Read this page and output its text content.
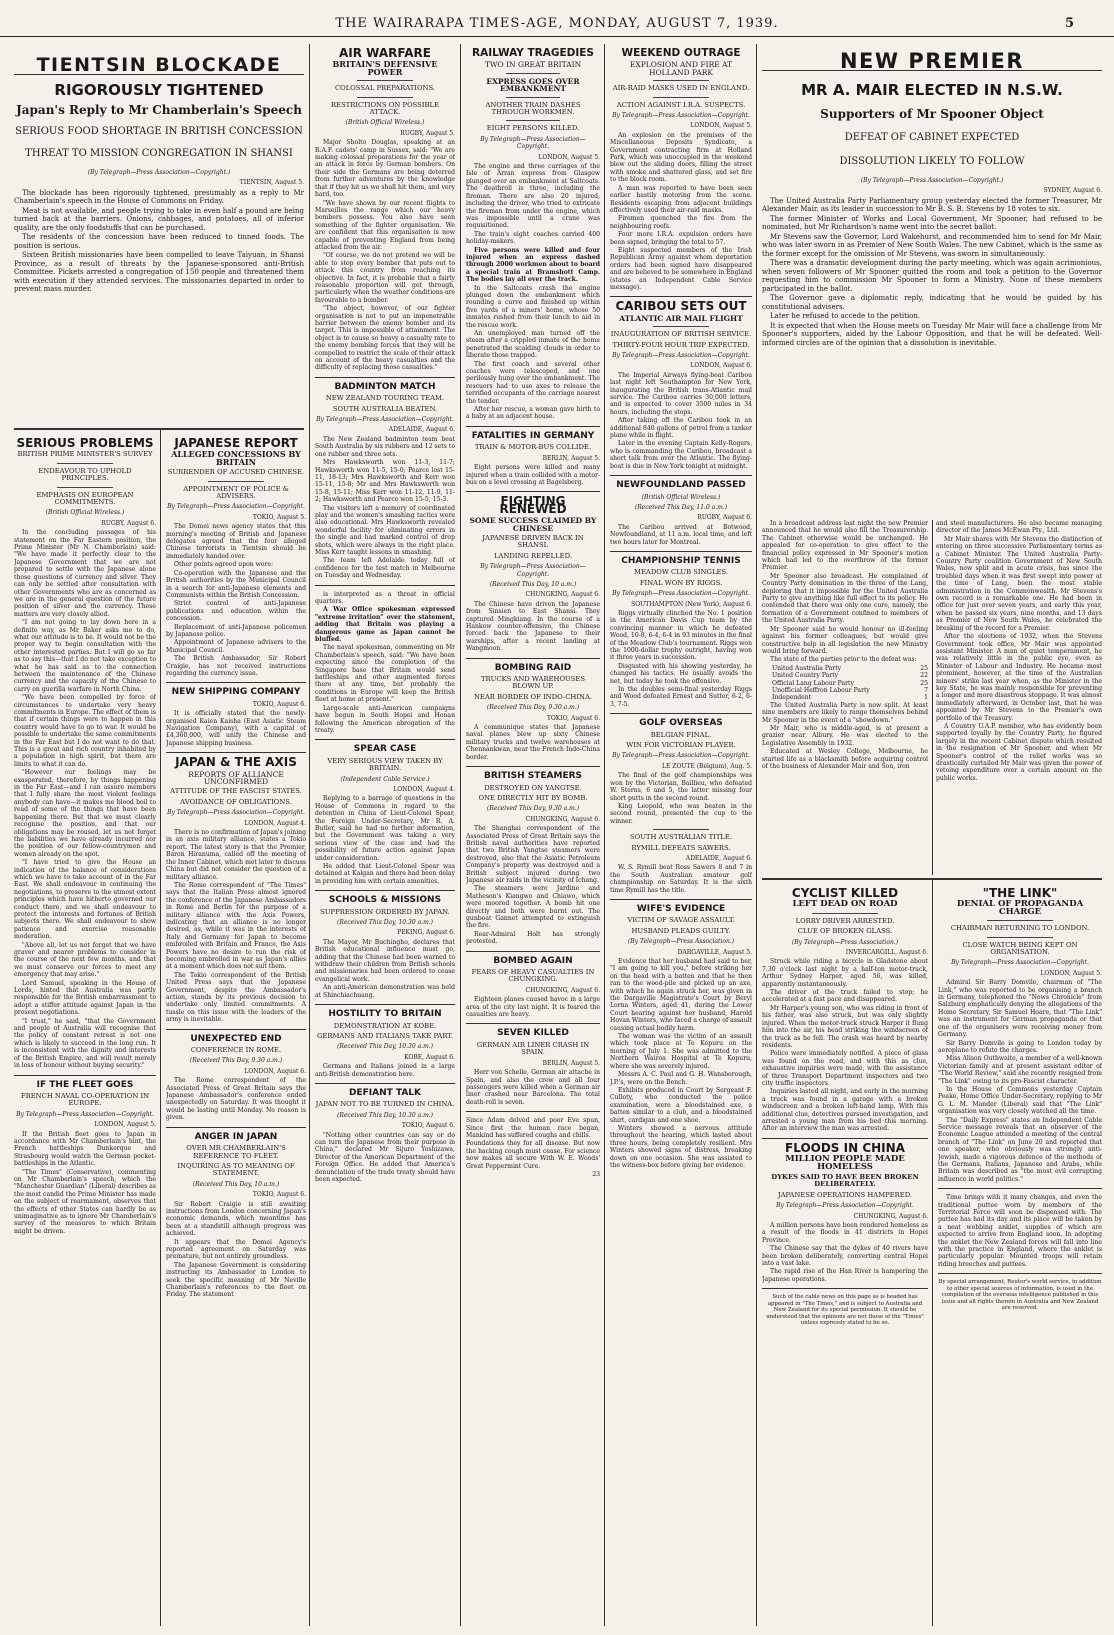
THE WAIRARAPA TIMES-AGE, MONDAY, AUGUST 7, 1939.	5
TIENTSIN BLOCKADE
RIGOROUSLY TIGHTENED
Japan's Reply to Mr Chamberlain's Speech
SERIOUS FOOD SHORTAGE IN BRITISH CONCESSION
THREAT TO MISSION CONGREGATION IN SHANSI
(By Telegraph—Press Association—Copyright.)
TIENTSIN, August 5.

The blockade has been rigorously tightened, presumably as a reply to Mr Chamberlain's speech in the House of Commons on Friday.

Meat is not available, and people trying to take in even half a pound are being turned back at the barriers. Onions, cabbages, and potatoes, all of inferior quality, are the only foodstuffs that can be purchased.

The residents of the concession have been reduced to tinned foods. The position is serious.

Sixteen British missionaries have been compelled to leave Taiyuan, in Shansi Province, as a result of threats by the Japanese-sponsored anti-British Committee. Pickets arrested a congregation of 150 people and threatened them with execution if they attended services. The missionaries departed in order to prevent mass murder.

SERIOUS PROBLEMS
BRITISH PRIME MINISTER'S SURVEY
ENDEAVOUR TO UPHOLD PRINCIPLES.
EMPHASIS ON EUROPEAN COMMITMENTS.
(British Official Wireless.)
RUGBY, August 6.

In the concluding passages of his statement on the Far Eastern position, the Prime Minister (Mr N. Chamberlain) said: "We have made it perfectly clear to the Japanese Government that we are not prepared to settle with the Japanese alone those questions of currency and silver. They can only be settled after consultation with other Governments who are as concerned as we are in the general question of the future position of silver and the currency. These matters are very closely allied.

"I am not going to lay down here in a definite way, as Mr Baker asks me to do, what our attitude is to be. It would not be the proper way to begin consultation with the other interested parties. But I will go so far as to say this—that I do not take exception to what he has said as to the connection between the maintenance of the Chinese currency and the capacity of the Chinese to carry on guerilla warfare in North China.

"We have been compelled by force of circumstances to undertake very heavy commitments in Europe. The effect of them is that if certain things were to happen in this country would have to go to war. It would be possible to undertake the same commitments in the Far East but I do not want to do that. This is a great and rich country inhabited by a population in high spirit, but there are limits to what it can do.

"However our feelings may be exasperated, therefore, by things happening in the Far East—and I can assure members that I fully share the most violent feelings anybody can have—it makes me blood boil to read of some of the things that have been happening there. But that we must clearly recognise the position, and that our obligations may be roused, let us not forget the liabilities we have already incurred nor the position of our fellow-countrymen and women already on the spot.

"I have tried to give the House an indication of the balance of considerations which we have to take account of in the Far East. We shall endeavour in continuing the negotiations, to preserve to the utmost extent principles which have hitherto governed our conduct there, and we shall endeavour to protect the interests and fortunes of British subjects there. We shall endeavour to show patience and exercise reasonable moderation.

"Above all, let us not forget that we have graver and nearer problems to consider in the course of the next few months, and that we must conserve our forces to meet any emergency that may arise."

Lord Samuel, speaking in the House of Lords, hinted that Australia was partly responsible for the British embarrassment to adopt a stiffer attitude against Japan in the present negotiations.

"I trust," he said, "that the Government and people of Australia will recognise that the policy of constant retreat is not one which is likely to succeed in the long run. It is inconsistent with the dignity and interests of the British Empire, and will result merely in loss of honour without buying security."

IF THE FLEET GOES
FRENCH NAVAL CO-OPERATION IN EUROPE.
By Telegraph—Press Association—Copyright.
LONDON, August 5.

If the British fleet goes to Japan in accordance with Mr Chamberlain's hint, the French battleships Dunkerque and Strasbourg would watch the German pocket-battleships in the Atlantic.

"The Times" (Conservative), commenting on Mr Chamberlain's speech, which the "Manchester Guardian" (Liberal) describes as the most candid the Prime Minister has made on the subject of rearmament, observes that the effects of other States can hardly be as unimaginative as to ignore Mr Chamberlain's survey of the measures to which Britain might be driven.

JAPANESE REPORT
ALLEGED CONCESSIONS BY BRITAIN
SURRENDER OF ACCUSED CHINESE.
APPOINTMENT OF POLICE & ADVISERS.
By Telegraph—Press Association—Copyright.
TOKIO, August 5.

The Domei news agency states that this morning's meeting of British and Japanese delegates agreed that the four alleged Chinese terrorists in Tientsin should be immediately handed over.

Other points agreed upon were:

Co-operation with the Japanese and the British authorities by the Municipal Council in a search for anti-Japanese elements and Communists within the British Concession.

Strict control of anti-Japanese publications and education within the concession.

Replacement of anti-Japanese policemen by Japanese police.

Appointment of Japanese advisers to the Municipal Council.

The British Ambassador, Sir Robert Craigie, has not received instructions regarding the currency issue.

NEW SHIPPING COMPANY
TOKIO, August 6.

It is officially stated that the newly-organised Kaien Kaisha (East Asiatic Steam Navigation Company), with a capital of £4,360,000, will unify the Chinese and Japanese shipping business.

JAPAN & THE AXIS
REPORTS OF ALLIANCE UNCONFIRMED
ATTITUDE OF THE FASCIST STATES.
AVOIDANCE OF OBLIGATIONS.
By Telegraph—Press Association—Copyright.
LONDON, August 4.

There is no confirmation of Japan's joining in an axis military alliance, states a Tokio report. The latest story is that the Premier, Baron Hiranuma, called off the meeting of the Inner Cabinet, which met later to discuss China but did not consider the question of a military alliance.

The Rome correspondent of "The Times" says that the Italian Press almost ignored the conference of the Japanese Ambassadors in Rome and Berlin for the purpose of a military alliance with the Axis Powers, indicating that an alliance is no longer desired, as, while it was in the interests of Italy and Germany for Japan to become embroiled with Britain and France, the Axis Powers have no desire to run the risk of becoming embroiled in war as Japan's allies at a moment which does not suit them.

The Tokio correspondent of the British United Press says that the Japanese Government, despite the Ambassador's action, stands by its previous decision to undertake only limited commitments. A tussle on this issue with the leaders of the army is inevitable.

UNEXPECTED END
CONFERENCE IN ROME.
(Received This Day, 9.30 a.m.)
LONDON, August 6.

The Rome correspondent of the Associated Press of Great Britain says the Japanese Ambassador's conference ended unexpectedly on Saturday. It was thought it would be lasting until Monday. No reason is given.

ANGER IN JAPAN
OVER MR CHAMBERLAIN'S REFERENCE TO FLEET.
INQUIRING AS TO MEANING OF STATEMENT.
(Received This Day, 10 a.m.)
TOKIO, August 6.

Sir Robert Craigie is still awaiting instructions from London concerning Japan's economic demands, which meantime has been at a standstill although progress was achieved.

It appears that the Domei Agency's reported agreement on Saturday was premature, but not entirely groundless.

The Japanese Government is considering instructing its Ambassador in London to seek the specific meaning of Mr Neville Chamberlain's references to the fleet on Friday. The statement

AIR WARFARE
BRITAIN'S DEFENSIVE POWER
COLOSSAL PREPARATIONS.
RESTRICTIONS ON POSSIBLE ATTACK.
(British Official Wireless.)
RUGBY, August 5.

Major Sholto Douglas, speaking at an R.A.F. cadets' camp in Sussex, said: "We are making colossal preparations for the year of an attack in force by German bombers. On their side the Germans are being deterred from further adventures by the knowledge that if they hit us we shall hit them, and very hard, too.

"We have shown by our recent flights to Marseilles the range which our heavy bombers possess. You also have seen something of the fighter organisation. We are confident that this organisation is now capable of preventing England from being attacked from the air.

"Of course, we do not pretend we will be able to stop every bomber that puts out to attack this country from reaching its objective. In fact, it is probable that a fairly reasonable proportion will get through, particularly when the weather conditions are favourable to a bomber.

"The object, however, of our fighter organisation is not to put an impenetrable barrier between the enemy bomber and its target. This is impossible of attainment. The object is to cause so heavy a casualty rate to the enemy bombing forces that they will be compelled to restrict the scale of their attack on account of the heavy casualties and the difficulty of replacing those casualties."

BADMINTON MATCH
NEW ZEALAND TOURING TEAM.
SOUTH AUSTRALIA BEATEN.
By Telegraph—Press Association—Copyright.
ADELAIDE, August 6.

The New Zealand badminton team beat South Australia by six rubbers and 12 sets to one rubber and three sets.

Mrs Hawksworth won 11-3, 11-7; Hawksworth won 11-5, 15-0; Pearce lost 15-11, 18-13; Mrs Hawksworth and Kerr won 15-11, 15-8; Mr and Mrs Hawksworth won 15-8, 15-11; Miss Kerr won 11-12, 11-9, 11-2; Hawksworth and Pearce won 15-5, 15-3.

The visitors left a memory of coordinated play and the women's smashing tactics were also educational. Mrs Hawksworth revealed wonderful facility for eliminating errors in the single and had marked control of drop shots, which were always in the right place. Miss Kerr taught lessons in smashing.

The team left Adelaide today full of confidence for the test match in Melbourne on Tuesday and Wednesday.

is interpreted as a threat in official quarters.

A War Office spokesman expressed "extreme irritation" over the statement, adding that Britain was playing a dangerous game as Japan cannot be bluffed.

The naval spokesman, commenting on Mr Chamberlain's speech, said: "We have been expecting since the completion of the Singapore base that Britain would send battleships and other augmented forces there at any time, but probably the conditions in Europe will keep the British fleet at home at present."

Large-scale anti-American campaigns have begun in South Hopei and Honan following the American abrogation of the treaty.

SPEAR CASE
VERY SERIOUS VIEW TAKEN BY BRITAIN.
(Independent Cable Service.)
LONDON, August 4.

Replying to a barrage of questions in the House of Commons in regard to the detention in China of Lieut-Colonel Spear, the Foreign Under-Secretary, Mr R. A. Butler, said he had no further information, but the Government was taking a very serious view of the case and had the possibility of future action against Japan under consideration.

He added that Lieut-Colonel Spear was detained at Kalgan and there had been delay in providing him with certain amenities.

SCHOOLS & MISSIONS
SUPPRESSION ORDERED BY JAPAN.
(Received This Day, 10.30 a.m.)
PEKING, August 6.

The Mayor, Mr Buchingho, declares that British educational influence must go, adding that the Chinese had been warned to withdraw their children from British schools and missionaries had been ordered to cease evangelical work.

An anti-American demonstration was held at Shinchiachuang.

HOSTILITY TO BRITAIN
DEMONSTRATION AT KOBE.
GERMANS AND ITALIANS TAKE PART.
(Received This Day, 10.30 a.m.)
KOBE, August 6.

Germans and Italians joined in a large anti-British demonstration here.

DEFIANT TALK
JAPAN NOT TO BE TURNED IN CHINA.
(Received This Day, 10.30 a.m.)
TOKIO, August 6.

"Nothing other countries can say or do can turn the Japanese from their purpose in China," declared Mr Sijuro Yoshizawa, Director of the American Department of the Foreign Office. He added that America's denunciation of the trade treaty should have been expected.

RAILWAY TRAGEDIES
TWO IN GREAT BRITAIN
EXPRESS GOES OVER EMBANKMENT
ANOTHER TRAIN DASHES THROUGH WORKMEN.
EIGHT PERSONS KILLED.
By Telegraph—Press Association—Copyright.
LONDON, August 5.

The engine and three carriages of the Isle of Arran express from Glasgow plunged over an embankment at Saltcoats. The deathroll is three, including the fireman. There are also 20 injured, including the driver, who tried to extricate the fireman from under the engine, which was impossible until a crane was requisitioned.

The train's eight coaches carried 400 holiday-makers.

Five persons were killed and four injured when an express dashed through 2000 workmen about to board a special train at Bramshott Camp. The bodies lay all over the track.

In the Saltcoats crash the engine plunged down the embankment which rounding a curve and finished up within five yards of a miners' home, whose 50 inmates rushed from their lunch to aid in the rescue work.

An unemployed man turned off the steam after a crippled inmate of the home penetrated the scalding clouds in order to liberate those trapped.

The first coach and several other coaches were telescoped, and one perilously hung over the embankment. The rescuers had to use axes to release the terrified occupants of the carriage nearest the tender.

After her rescue, a woman gave birth to a baby at an adjacent house.

FATALITIES IN GERMANY
TRAIN & MOTOR-BUS COLLIDE.
BERLIN, August 5.

Eight persons were killed and many injured when a train collided with a motor-bus on a level crossing at Bagelsberg.

FIGHTING RENEWED
SOME SUCCESS CLAIMED BY CHINESE
JAPANESE DRIVEN BACK IN SHANSI.
LANDING REPELLED.
By Telegraph—Press Association—Copyright.
(Received This Day, 10 a.m.)
CHUNGKING, August 6.

The Chinese have driven the Japanese from Sinsien to East Shansi. They captured Mingkiang. In the course of a Hankow counter-offensive, the Chinese forced back the Japanese to their warships, after a recent landing at Wangmoon.

BOMBING RAID
TRUCKS AND WAREHOUSES BLOWN UP.
NEAR BORDER OF INDO-CHINA.
(Received This Day, 9.30 a.m.)
TOKIO, August 6.

A communique states that Japanese naval planes blew up sixty Chinese military trucks and twelve warehouses at Chennankwan, near the French Indo-China border.

BRITISH STEAMERS
DESTROYED ON YANGTSE.
ONE DIRECTLY HIT BY BOMB.
(Received This Day, 9.30 a.m.)
CHUNGKING, August 6.

The Shanghai correspondent of the Associated Press of Great Britain says the British naval authorities have reported that two British Yangtse steamers were destroyed, also that the Asiatic Petroleum Company's property was destroyed and a British subject injured during two Japanese air raids in the vicinity of Ichang.

The steamers were Jardine and Matheson's Kiangwo and Chiawo, which were moored together. A bomb hit one directly and both were burnt out. The gunboat Gannet attempted to extinguish the fire.

Rear-Admiral Holt has strongly protested.

BOMBED AGAIN
FEARS OF HEAVY CASUALTIES IN CHUNGKING.
CHUNGKING, August 6.

Eighteen planes caused havoc in a large area of the city last night. It is feared the casualties are heavy.

SEVEN KILLED
GERMAN AIR LINER CRASH IN SPAIN.
BERLIN, August 5.

Herr von Schelle, German air attache in Spain, and also the crew and all four passengers were killed when a German air liner crashed near Barcelona. The total death-roll is seven.

Since Adam delved and poor Eve spun, Since first the human race began, Mankind has suffered coughs and chills.

Foundations they for all disease. But now the hacking cough must cease, For science now makes all secure With W. E. Woods' Great Peppermint Cure.

23
WEEKEND OUTRAGE
EXPLOSION AND FIRE AT HOLLAND PARK
AIR-RAID MASKS USED IN ENGLAND.
ACTION AGAINST I.R.A. SUSPECTS.
By Telegraph—Press Association—Copyright.
LONDON, August 5.

An explosion on the premises of the Miscellaneous Deposits Syndicate, a Government contracting firm at Holland Park, which was unoccupied in the weekend blew out the sliding doors, filling the street with smoke and shattered glass, and set fire to the block room.

A man was reported to have been seen earlier hastily motoring from the scene. Residents escaping from adjacent buildings effectively used their air-raid masks.

Firemen quenched the fire from the neighbouring roofs.

Four more I.R.A. expulsion orders have been signed, bringing the total to 57.

Eight suspected members of the Irish Republican Army against whom deportation orders had been signed have disappeared and are believed to be somewhere in England (states an Independent Cable Service message).

CARIBOU SETS OUT
ATLANTIC AIR MAIL FLIGHT
INAUGURATION OF BRITISH SERVICE.
THIRTY-FOUR HOUR TRIP EXPECTED.
By Telegraph—Press Association—Copyright.
LONDON, August 6.

The Imperial Airways flying-boat Caribou last night left Southampton for New York, inaugurating the British trans-Atlantic mail service. The Caribou carries 30,000 letters, and is expected to cover 3500 miles in 34 hours, including the stops.

After taking off the Caribou took in an additional 840 gallons of petrol from a tanker plane while in flight.

Later in the evening Captain Kelly-Rogers, who is commanding the Caribou, broadcast a short talk from over the Atlantic. The flying-boat is due in New York tonight at midnight.

NEWFOUNDLAND PASSED
(British Official Wireless.)
(Received This Day, 11.0 a.m.)
RUGBY, August 6.

The Caribou arrived at Botwood, Newfoundland, at 11 a.m. local time, and left two hours later for Montreal.

CHAMPIONSHIP TENNIS
MEADOW CLUB SINGLES.
FINAL WON BY RIGGS.
By Telegraph—Press Association—Copyright.
SOUTHAMPTON (New York), August 6.

Riggs virtually clinched the No. 1 position in the American Davis Cup team by the convincing manner in which he defeated Wood, 10-8, 6-4, 6-4 in 93 minutes in the final of the Meadow Club's tournament. Riggs won the 1000-dollar trophy outright, having won it three years in succession.

Disgusted with his showing yesterday, he changed his tactics. He usually avoids the net, but today he took the offensive.

In the doubles semi-final yesterday Riggs and Wood defeated Ernest and Sutter, 6-2, 6-3, 7-5.

GOLF OVERSEAS
BELGIAN FINAL.
WIN FOR VICTORIAN PLAYER.
By Telegraph—Press Association—Copyright.
LE ZOUTE (Belgium), Aug. 5.

The final of the golf championships was won by the Victorian, Baillieu, who defeated W. Sterns, 6 and 5, the latter missing four short putts in the second round.

King Leopold, who was beaten in the second round, presented the cup to the winner.

SOUTH AUSTRALIAN TITLE.
RYMILL DEFEATS SAWERS.
ADELAIDE, August 6.

W. S. Rymill beat Ross Sawers 8 and 7 in the South Australian amateur golf championship on Saturday. It is the sixth time Rymill has the title.

WIFE'S EVIDENCE
VICTIM OF SAVAGE ASSAULT.
HUSBAND PLEADS GUILTY.
(By Telegraph—Press Association.)
DARGAVILLE, August 5.

Evidence that her husband had said to her, "I am going to kill you," before striking her on the head with a batten and that he then ran to the wood-pile and picked up an axe, with which he again struck her, was given in the Dargaville Magistrate's Court by Beryl Lorna Winters, aged 41, during the Lower Court hearing against her husband, Harold Hovan Winters, who faced a charge of assault causing actual bodily harm.

The woman was the victim of an assault which took place at Te Kopuru on the morning of July 1. She was admitted to the Northern Wairoa Hospital at Te Kopuru, where she was severely injured.

Messrs A. C. Paul and G. H. Wansborough, J.P.'s, were on the Bench.

Exhibits produced in Court by Sergeant F. Culloty, who conducted the police examination, were a bloodstained axe, a batten similar to a club, and a bloodstained shirt, cardigan and one shoe.

Winters showed a nervous attitude throughout the hearing, which lasted about three hours, being completely resilient. Mrs Winters showed signs of distress, breaking down on one occasion. She was assisted to the witness-box before giving her evidence.

NEW PREMIER
MR A. MAIR ELECTED IN N.S.W.
Supporters of Mr Spooner Object
DEFEAT OF CABINET EXPECTED
DISSOLUTION LIKELY TO FOLLOW
(By Telegraph—Press Association—Copyright.)
SYDNEY, August 6.

The United Australia Party Parliamentary group yesterday elected the former Treasurer, Mr Alexander Mair, as its leader in succession to Mr B. S. B. Stevens by 18 votes to six.

The former Minister of Works and Local Government, Mr Spooner, had refused to be nominated, but Mr Richardson's name went into the secret ballot.

Mr Stevens saw the Governor, Lord Wakehurst, and recommended him to send for Mr Mair, who was later sworn in as Premier of New South Wales. The new Cabinet, which is the same as the former except for the omission of Mr Stevens, was sworn in simultaneously.

There was a dramatic development during the party meeting, which was again acrimonious, when seven followers of Mr Spooner quitted the room and took a petition to the Governor requesting him to commission Mr Spooner to form a Ministry. None of these members participated in the ballot.

The Governor gave a diplomatic reply, indicating that he would be guided by his constitutional advisers.

Later he refused to accede to the petition.

It is expected that when the House meets on Tuesday Mr Mair will face a challenge from Mr Spooner's supporters, aided by the Labour Opposition, and that he will be defeated. Well-informed circles are of the opinion that a dissolution is inevitable.

In a broadcast address last night the new Premier announced that he would also fill the Treasurership. The Cabinet otherwise would be unchanged. He appealed for co-operation to give effect to the financial policy expressed in Mr Spooner's motion which had led to the overthrow of the former Premier.

Mr Spooner also broadcast. He complained of Country Party domination in the three of the Lang, deploring that it impossible for the United Australia Party to give anything like full effect to its policy. He contended that there was only one cure, namely, the formation of a Government confined to members of the United Australia Party.

Mr Spooner said he would honour no ill-feeling against his former colleagues, but would give constructive help in all legislation the new Ministry would bring forward.

The state of the parties prior to the defeat was:

United Australia Party	25
United Country Party	22
Official Lang Labour Party	25
Unofficial Heffron Labour Party	7
Independent	1

The United Australia Party is now split. At least nine members are likely to range themselves behind Mr Spooner in the event of a "showdown."

Mr Mair, who is middle-aged, is at present a grazier near Albury. He was elected to the Legislative Assembly in 1932.

Educated at Wesley College, Melbourne, he started life as a blacksmith before acquiring control of the business of Alexander Mair and Son, iron

and steel manufacturers. He also became managing director of the James McEwan Pty., Ltd.

Mr Mair shares with Mr Stevens the distinction of entering on three successive Parliamentary terms as a Cabinet Minister. The United Australia Party-Country Party coalition Government of New South Wales, now split and in acute crisis, has since the troubled days when it was first swept into power at the time of Lang, been the most stable administration in the Commonwealth. Mr Stevens's own record is a remarkable one. He had been in office for just over seven years, and early this year, when he passed six years, nine months, and 13 days as Premier of New South Wales, he celebrated the breaking of the record for a Premier.

After the elections of 1932, when the Stevens Government took office, Mr Mair was appointed assistant Minister. A man of quiet temperament, he was relatively little in the public eye, even as Minister of Labour and Industry. He became most prominent, however, at the time of the Australian miners' strike last year when, as the Minister in the key State, he was mainly responsible for preventing a longer and more disastrous stoppage. It was almost immediately afterward, in October last, that he was appointed by Mr Stevens to the Premier's own portfolio of the Treasury.

A Country U.A.P. member, who has evidently been supported loyally by the Country Party, he figured largely in the recent Cabinet dispute which resulted in the resignation of Mr Spooner, and when Mr Spooner's control of the relief works was so drastically curtailed Mr Mair was given the power of vetoing expenditure over a certain amount on the public works.

CYCLIST KILLED
LEFT DEAD ON ROAD
LORRY DRIVER ARRESTED.
CLUE OF BROKEN GLASS.
(By Telegraph—Press Association.)
INVERCARGILL, August 6.

Struck while riding a bicycle in Gladstone about 7.30 o'clock last night by a half-ton motor-truck, Arthur Sydney Harper, aged 56, was killed, apparently instantaneously.

The driver of the truck failed to stop; he accelerated at a fast pace and disappeared.

Mr Harper's young son, who was riding in front of his father, was also struck, but was only slightly injured. When the motor-truck struck Harper it flung him into the air, his head striking the windscreen of the truck as he fell. The crash was heard by nearby residents.

Police were immediately notified. A piece of glass was found on the road, and with this as clue, exhaustive inquiries were made, with the assistance of three Transport Department inspectors and two city traffic inspectors.

Inquiries lasted all night, and early in the morning a truck was found in a garage with a broken windscreen and a broken left-hand lamp. With this additional clue, detectives pursued investigation, and arrested a young man from his bed this morning. After an interview the man was arrested.

FLOODS IN CHINA
MILLION PEOPLE MADE HOMELESS
DYKES SAID TO HAVE BEEN BROKEN DELIBERATELY.
JAPANESE OPERATIONS HAMPERED.
By Telegraph—Press Association—Copyright.
CHUNGKING, August 6.

A million persons have been rendered homeless as a result of the floods in 41 districts in Hopei Province.

The Chinese say that the dykes of 40 rivers have been broken deliberately, converting central Hopei into a vast lake.

The rapid rise of the Han River is hampering the Japanese operations.

Such of the cable news on this page as is headed has appeared in "The Times," and is subject to Australia and New Zealand for its special permission. It should be understood that the opinions are not those of the "Times" unless expressly stated to be so.
"THE LINK"
DENIAL OF PROPAGANDA CHARGE
CHAIRMAN RETURNING TO LONDON.
CLOSE WATCH BEING KEPT ON ORGANISATION.
By Telegraph—Press Association—Copyright.
LONDON, August 5.

Admiral Sir Barry Domvile, chairman of "The Link," who was reported to be organising a branch in Germany, telephoned the "News Chronicle" from Salzburg emphatically denying the allegations of the Home Secretary, Sir Samuel Hoare, that "The Link" was an instrument for German propaganda or that one of the organisers were receiving money from Germany.

Sir Barry Domvile is going to London today by aeroplane to refute the charges.

Miss Alison Outhwaite, a member of a well-known Victorian family and at present assistant editor of "The World Review," said she recently resigned from "The Link" owing to its pro-Fascist character.

In the House of Commons yesterday Captain Peake, Home Office Under-Secretary, replying to Mr G. L. M. Mander (Liberal) said that "The Link" organisation was very closely watched all the time.

The "Daily Express" states an Independent Cable Service message reveals that an observer of the Economic League attended a meeting of the central branch of "The Link" on June 20 and reported that one speaker, who obviously was strongly anti-Jewish, made a vigorous defence of the methods of the Germans, Italians, Japanese and Arabs, while Britain was described as "the most evil corrupting influence in world politics."

Time brings with it many changes, and even the traditional puttee worn by members of the Territorial Force will soon be dispensed with. The puttee has had its day and its place will be taken by a neat webbing anklet, supplies of which are expected to arrive from England soon. In adopting the anklet the New Zealand forces will fall into line with the practice in England, where the anklet is particularly popular. Mounted troops will retain riding breeches and puttees.

By special arrangement, Reuter's world service, in addition to other special sources of information, is used in the compilation of the overseas intelligence published in this issue and all rights therein in Australia and New Zealand are reserved.
